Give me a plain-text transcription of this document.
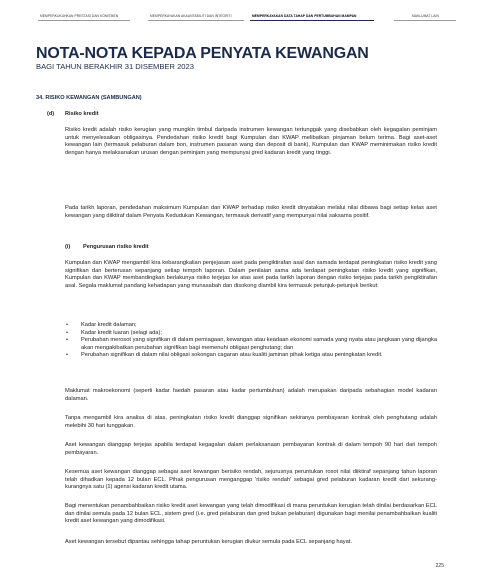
MEMPERKUKUHKAN PRESTASI DAN KOMITMEN	MEMPERKAYAKAN AKAUNTABILITI DAN INTEGRITI	MEMPERKAYAKAN DATA TAHAP DAN PERTUMBUHAN MAMPAN	MAKLUMAT LAIN
NOTA-NOTA KEPADA PENYATA KEWANGAN
BAGI TAHUN BERAKHIR 31 DISEMBER 2023
34. RISIKO KEWANGAN (SAMBUNGAN)
(d) Risiko kredit
Risiko kredit adalah risiko kerugian yang mungkin timbul daripada instrumen kewangan tertunggak yang disebabkan oleh kegagalan peminjam untuk menyelesaikan obligasinya. Pendedahan risiko kredit bagi Kumpulan dan KWAP melibatkan pinjaman belum terima. Bagi aset-aset kewangan lain (termasuk pelaburan dalam bon, instrumen pasaran wang dan deposit di bank), Kumpulan dan KWAP meminimakan risiko kredit dengan hanya melaksanakan urusan dengan peminjam yang mempunyai gred kadaran kredit yang tinggi.
Pada tarikh laporan, pendedahan maksimum Kumpulan dan KWAP terhadap risiko kredit dinyatakan melalui nilai dibawa bagi setiap kelas aset kewangan yang diiktiraf dalam Penyata Kedudukan Kewangan, termasuk derivatif yang mempunyai nilai saksama positif.
(i) Pengurusan risiko kredit
Kumpulan dan KWAP mengambil kira kebarangkalian penjejasan aset pada pengiktirafan asal dan samada terdapat peningkatan risiko kredit yang signifikan dan berterusan sepanjang setiap tempoh laporan. Dalam penilaian sama ada terdapat peningkatan risiko kredit yang signifikan, Kumpulan dan KWAP membandingkan berlakunya risiko terjejas ke atas aset pada tarikh laporan dengan risiko terjejas pada tarikh pengiktirafan asal. Segala maklumat pandang kehadapan yang munasabah dan disokong diambil kira termasuk petunjuk-petunjuk berikut:
• Kadar kredit dalaman;
• Kadar kredit luaran (selagi ada);
• Perubahan merosot yang signifikan di dalam perniagaan, kewangan atau keadaan ekonomi samada yang nyata atau jangkaan yang dijangka akan mengakibatkan perubahan signifikan bagi memenuhi obligasi penghutang; dan
• Perubahan signifikan di dalam nilai obligasi sokongan cagaran atau kualiti jaminan pihak ketiga atau peningkatan kredit.
Maklumat makroekonomi (seperti kadar faedah pasaran atau kadar pertumbuhan) adalah merupakan daripada sebahagian model kadaran dalaman.
Tanpa mengambil kira analisa di atas, peningkatan risiko kredit dianggap signifikan sekiranya pembayaran kontrak oleh penghutang adalah melebihi 30 hari tunggakan.
Aset kewangan dianggap terjejas apabila terdapat kegagalan dalam perlaksanaan pembayaran kontrak di dalam tempoh 90 hari dari tempoh pembayaran.
Kesemua aset kewangan dianggap sebagai aset kewangan berisiko rendah, sejurusnya peruntukan rosot nilai diiktiraf sepanjang tahun laporan telah dihadkan kepada 12 bulan ECL. Pihak pengurusan menganggap 'risiko rendah' sebagai gred pelaburan kadaran kredit dari sekurang-kurangnya satu (1) agensi kadaran kredit utama.
Bagi menentukan penambahbaikan risiko kredit aset kewangan yang telah dimodifikasi di mana peruntukan kerugian telah dinilai berdasarkan ECL dan dinilai semula pada 12 bulan ECL, sistem gred (i.e. gred pelaburan dan gred bukan pelaburan) digunakan bagi menilai penambahbaikan kualiti kredit aset kewangan yang dimodifikasi.
Aset kewangan tersebut dipantau sehingga tahap peruntukan kerugian diukur semula pada ECL sepanjang hayat.
225
